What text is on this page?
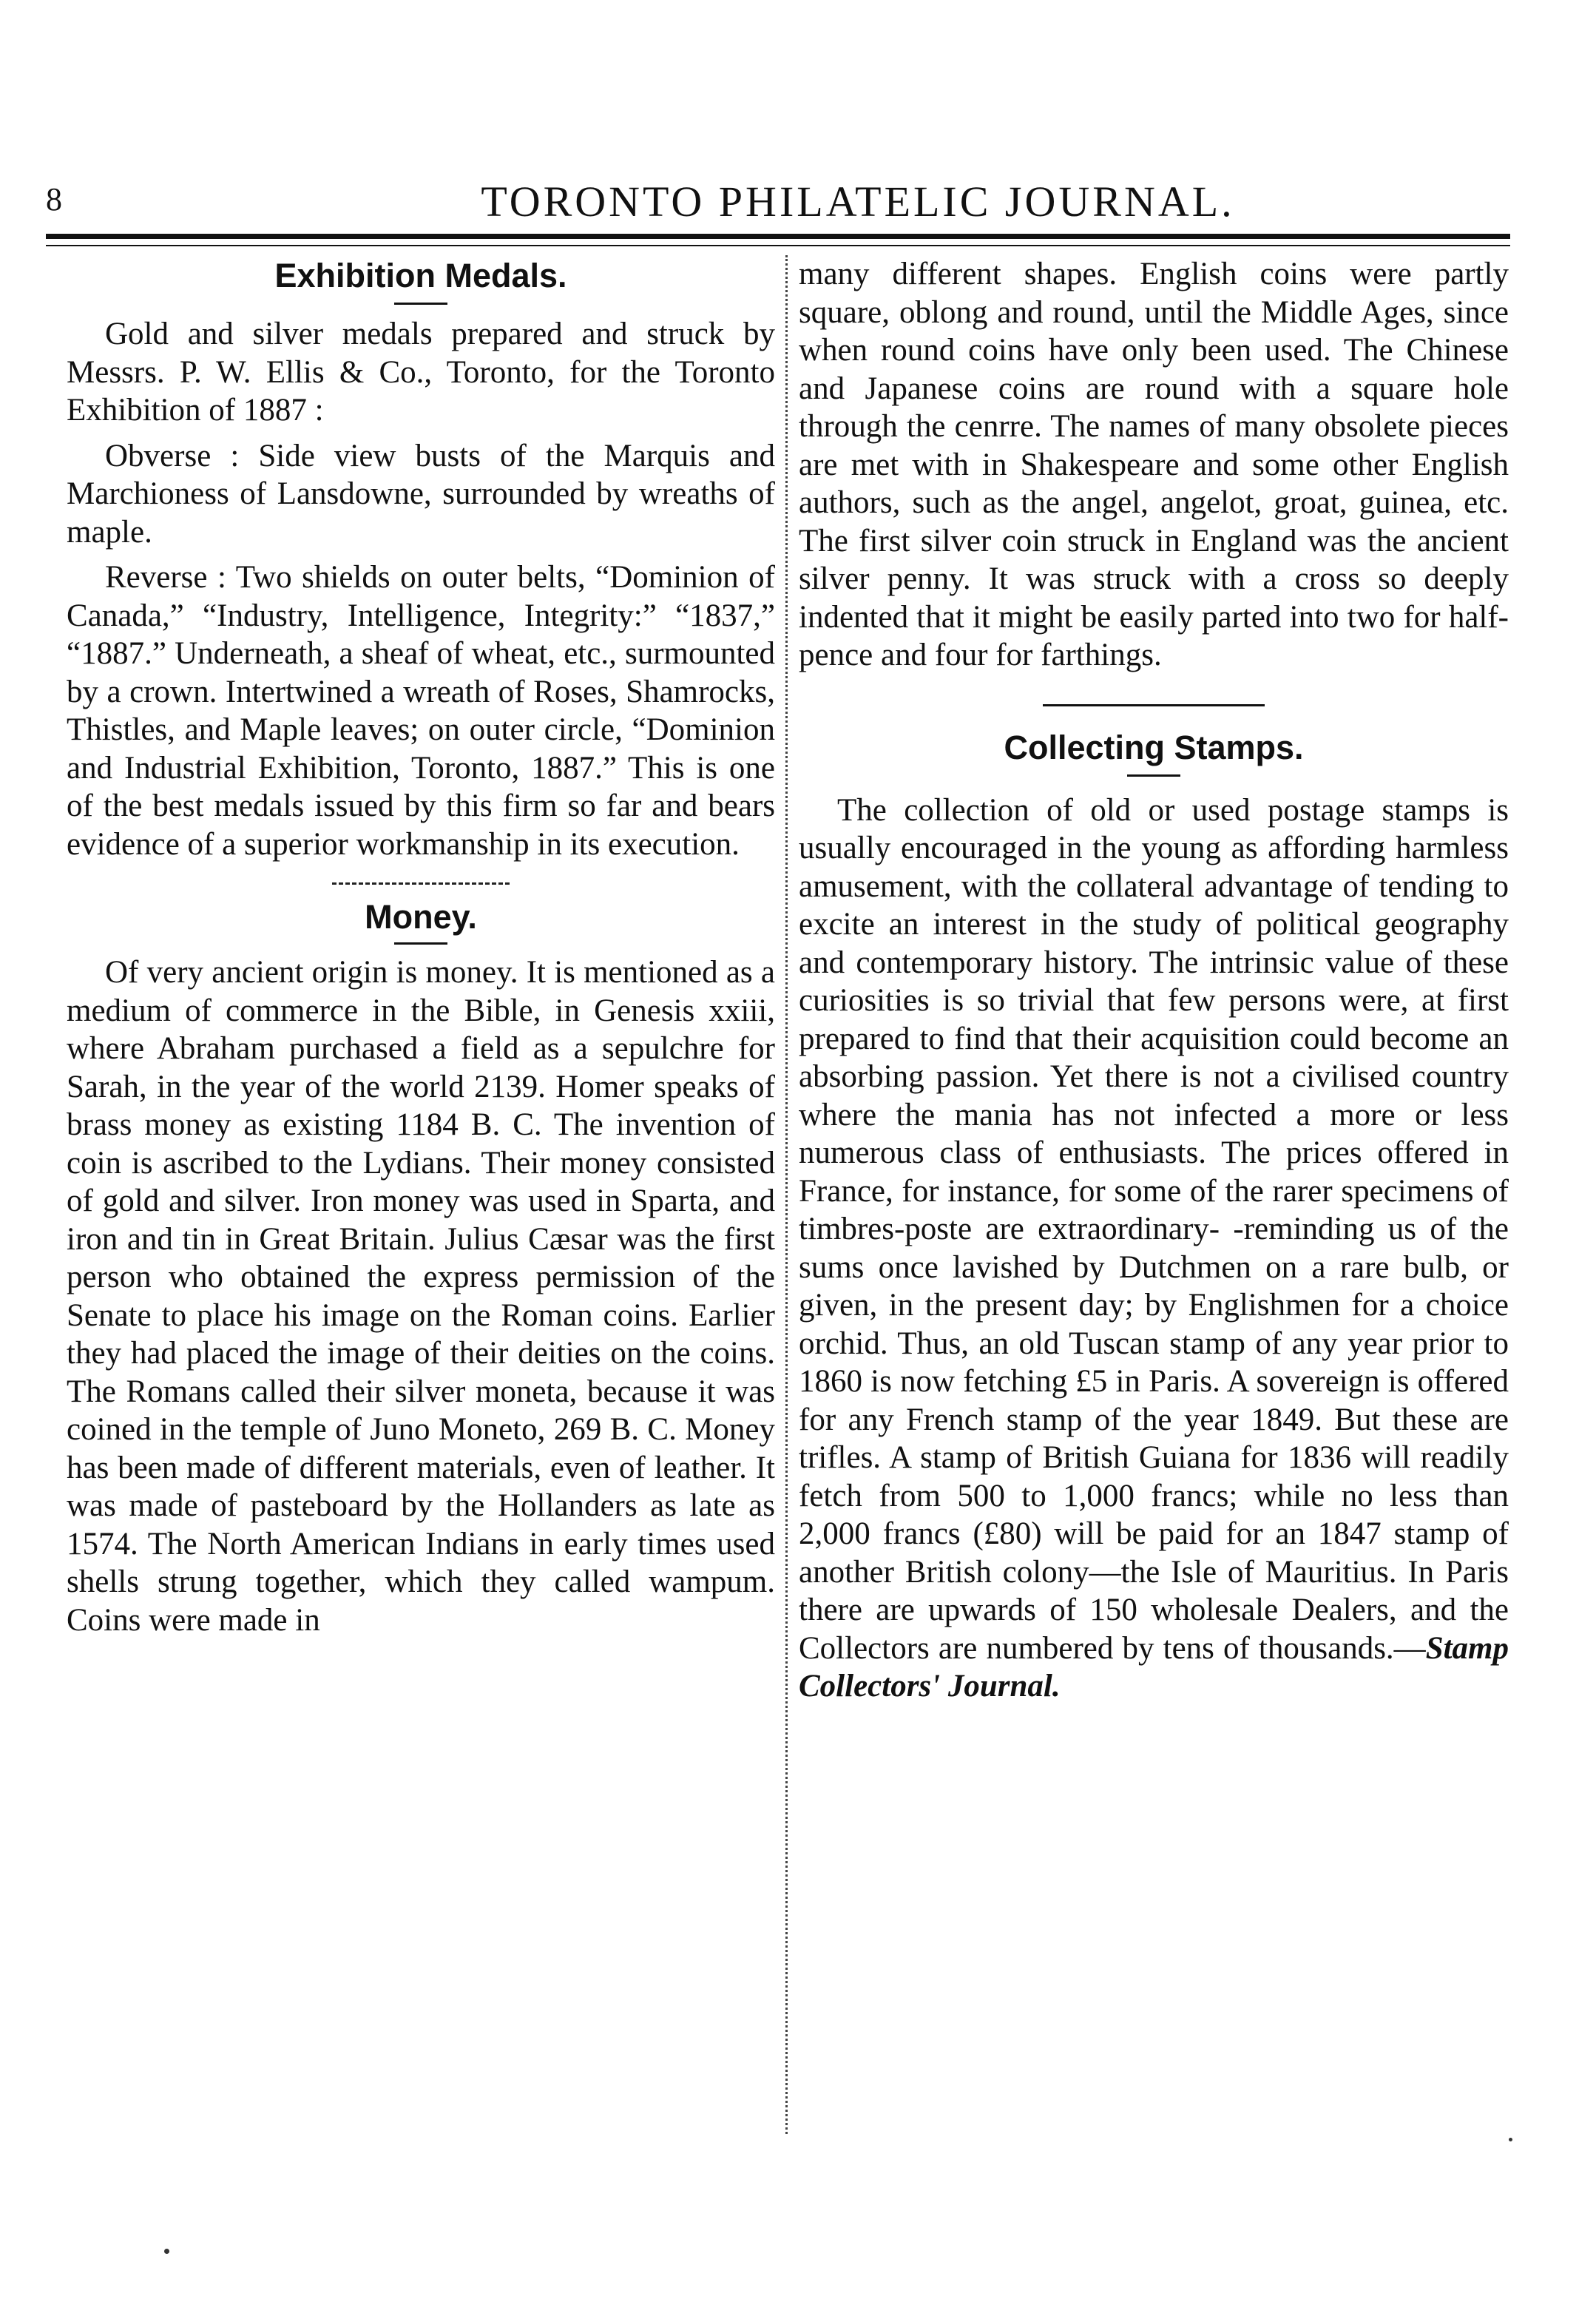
8	TORONTO PHILATELIC JOURNAL.
Exhibition Medals.

Gold and silver medals prepared and struck by Messrs. P. W. Ellis & Co., Toronto, for the Toronto Exhibition of 1887 :

Obverse : Side view busts of the Marquis and Marchioness of Lansdowne, surrounded by wreaths of maple.

Reverse : Two shields on outer belts, “Dominion of Canada,” “Industry, Intelligence, Integrity:” “1837,” “1887.” Underneath, a sheaf of wheat, etc., surmounted by a crown. Intertwined a wreath of Roses, Shamrocks, Thistles, and Maple leaves; on outer circle, “Dominion and Industrial Exhibition, Toronto, 1887.” This is one of the best medals issued by this firm so far and bears evidence of a superior workmanship in its execution.

Money.

Of very ancient origin is money. It is mentioned as a medium of commerce in the Bible, in Genesis xxiii, where Abraham purchased a field as a sepulchre for Sarah, in the year of the world 2139. Homer speaks of brass money as existing 1184 B. C. The invention of coin is ascribed to the Lydians. Their money consisted of gold and silver. Iron money was used in Sparta, and iron and tin in Great Britain. Julius Cæsar was the first person who obtained the express permission of the Senate to place his image on the Roman coins. Earlier they had placed the image of their deities on the coins. The Romans called their silver moneta, because it was coined in the temple of Juno Moneto, 269 B. C. Money has been made of different materials, even of leather. It was made of pasteboard by the Hollanders as late as 1574. The North American Indians in early times used shells strung together, which they called wampum. Coins were made in

many different shapes. English coins were partly square, oblong and round, until the Middle Ages, since when round coins have only been used. The Chinese and Japanese coins are round with a square hole through the cenrre. The names of many obsolete pieces are met with in Shakespeare and some other English authors, such as the angel, angelot, groat, guinea, etc. The first silver coin struck in England was the ancient silver penny. It was struck with a cross so deeply indented that it might be easily parted into two for half-pence and four for farthings.

Collecting Stamps.

The collection of old or used postage stamps is usually encouraged in the young as affording harmless amusement, with the collateral advantage of tending to excite an interest in the study of political geography and contemporary history. The intrinsic value of these curiosities is so trivial that few persons were, at first prepared to find that their acquisition could become an absorbing passion. Yet there is not a civilised country where the mania has not infected a more or less numerous class of enthusiasts. The prices offered in France, for instance, for some of the rarer specimens of timbres-poste are extraordinary- -reminding us of the sums once lavished by Dutchmen on a rare bulb, or given, in the present day; by Englishmen for a choice orchid. Thus, an old Tuscan stamp of any year prior to 1860 is now fetching £5 in Paris. A sovereign is offered for any French stamp of the year 1849. But these are trifles. A stamp of British Guiana for 1836 will readily fetch from 500 to 1,000 francs; while no less than 2,000 francs (£80) will be paid for an 1847 stamp of another British colony—the Isle of Mauritius. In Paris there are upwards of 150 wholesale Dealers, and the Collectors are numbered by tens of thousands.—Stamp Collectors' Journal.
